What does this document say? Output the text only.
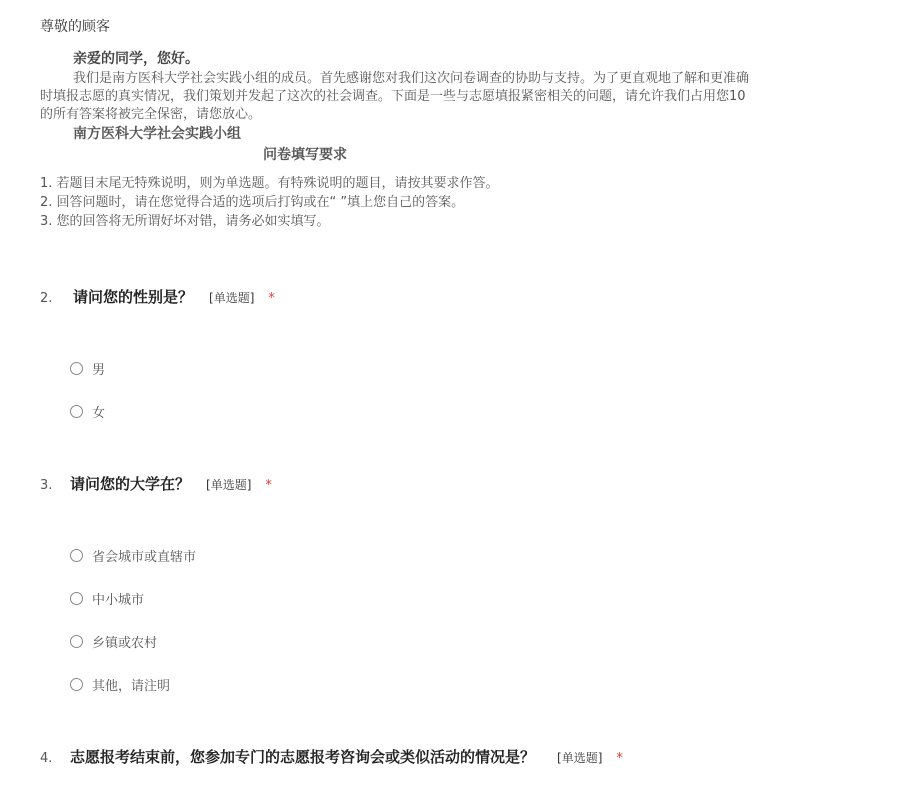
尊敬的顾客
亲爱的同学，您好。
我们是南方医科大学社会实践小组的成员。首先感谢您对我们这次问卷调查的协助与支持。为了更直观地了解和更准确
时填报志愿的真实情况，我们策划并发起了这次的社会调查。下面是一些与志愿填报紧密相关的问题，请允许我们占用您10
的所有答案将被完全保密，请您放心。
南方医科大学社会实践小组
问卷填写要求
1. 若题目末尾无特殊说明，则为单选题。有特殊说明的题目，请按其要求作答。
2. 回答问题时，请在您觉得合适的选项后打钩或在“ ”填上您自己的答案。
3. 您的回答将无所谓好坏对错，请务必如实填写。
2.	请问您的性别是？ [单选题] *
男
女
3.	请问您的大学在？ [单选题] *
省会城市或直辖市
中小城市
乡镇或农村
其他，请注明
4.	志愿报考结束前，您参加专门的志愿报考咨询会或类似活动的情况是？ [单选题] *
